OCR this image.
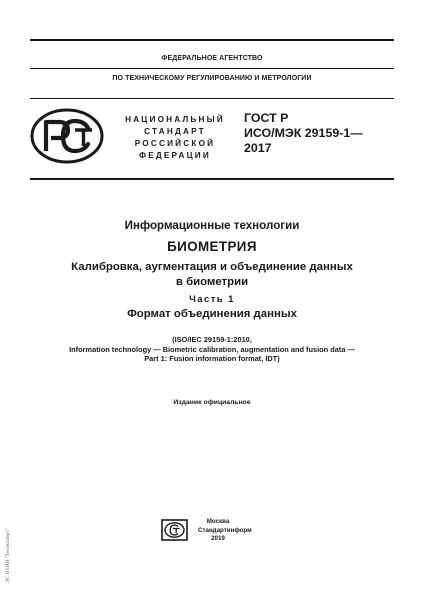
ФЕДЕРАЛЬНОЕ АГЕНТСТВО
ПО ТЕХНИЧЕСКОМУ РЕГУЛИРОВАНИЮ И МЕТРОЛОГИИ
НАЦИОНАЛЬНЫЙ
СТАНДАРТ
РОССИЙСКОЙ
ФЕДЕРАЦИИ
ГОСТ Р
ИСО/МЭК 29159-1—
2017
Информационные технологии
БИОМЕТРИЯ
Калибровка, аугментация и объединение данных
в биометрии
Часть 1
Формат объединения данных
(ISO/IEC 29159-1:2010,
Information technology — Biometric calibration, augmentation and fusion data —
Part 1: Fusion information format, IDT)
Издание официальное
Москва
Стандартинформ
2019
ЭС НТИИ "Техэксперт"
